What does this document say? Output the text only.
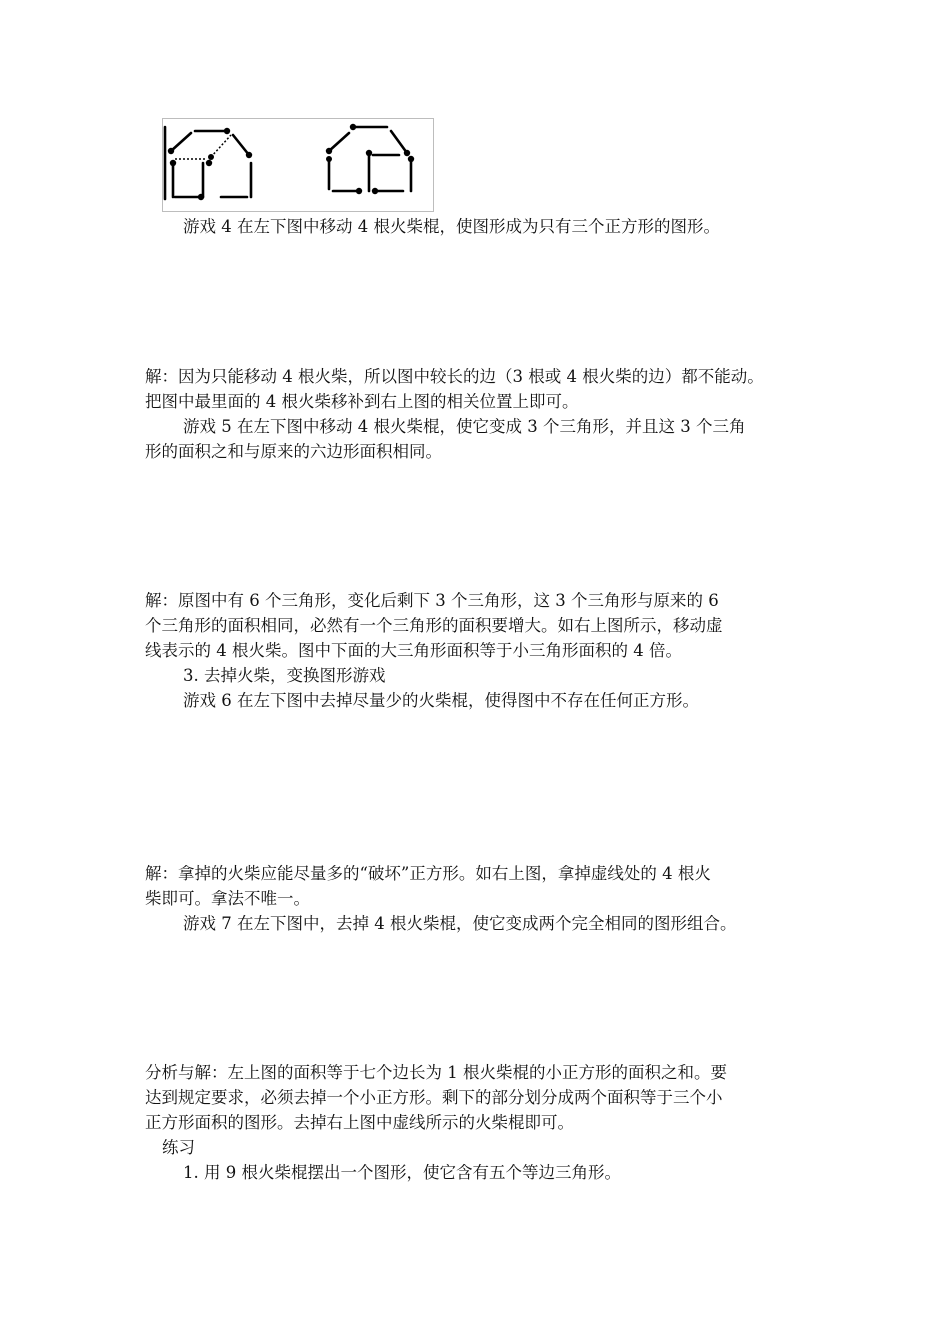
游戏 4 在左下图中移动 4 根火柴棍，使图形成为只有三个正方形的图形。
解：因为只能移动 4 根火柴，所以图中较长的边（3 根或 4 根火柴的边）都不能动。
把图中最里面的 4 根火柴移补到右上图的相关位置上即可。
游戏 5 在左下图中移动 4 根火柴棍，使它变成 3 个三角形，并且这 3 个三角
形的面积之和与原来的六边形面积相同。
解：原图中有 6 个三角形，变化后剩下 3 个三角形，这 3 个三角形与原来的 6
个三角形的面积相同，必然有一个三角形的面积要增大。如右上图所示，移动虚
线表示的 4 根火柴。图中下面的大三角形面积等于小三角形面积的 4 倍。
3. 去掉火柴，变换图形游戏
游戏 6 在左下图中去掉尽量少的火柴棍，使得图中不存在任何正方形。
解：拿掉的火柴应能尽量多的“破坏”正方形。如右上图，拿掉虚线处的 4 根火
柴即可。拿法不唯一。
游戏 7 在左下图中，去掉 4 根火柴棍，使它变成两个完全相同的图形组合。
分析与解：左上图的面积等于七个边长为 1 根火柴棍的小正方形的面积之和。要
达到规定要求，必须去掉一个小正方形。剩下的部分划分成两个面积等于三个小
正方形面积的图形。去掉右上图中虚线所示的火柴棍即可。
练习
1. 用 9 根火柴棍摆出一个图形，使它含有五个等边三角形。
